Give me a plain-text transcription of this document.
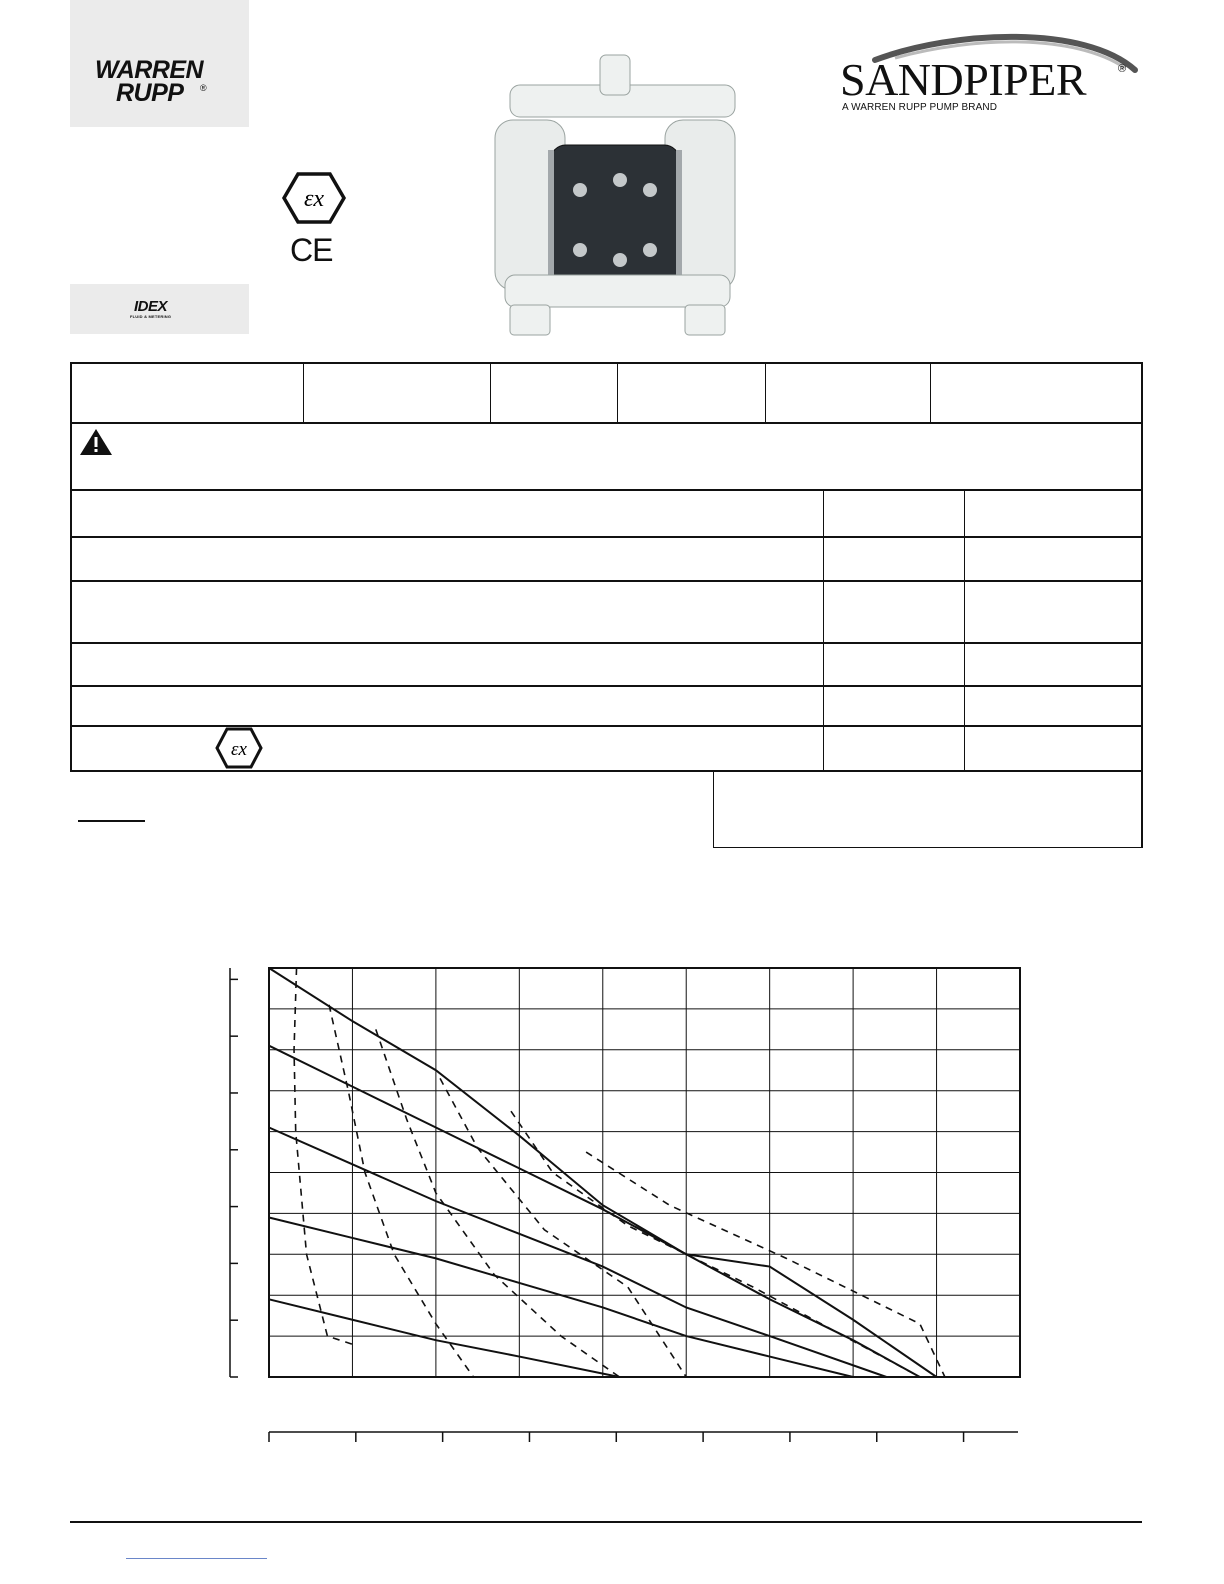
WARREN
RUPP ®
εx
CE
IDEX
FLUID & METERING
SANDPIPER	®
A WARREN RUPP PUMP BRAND
εx
